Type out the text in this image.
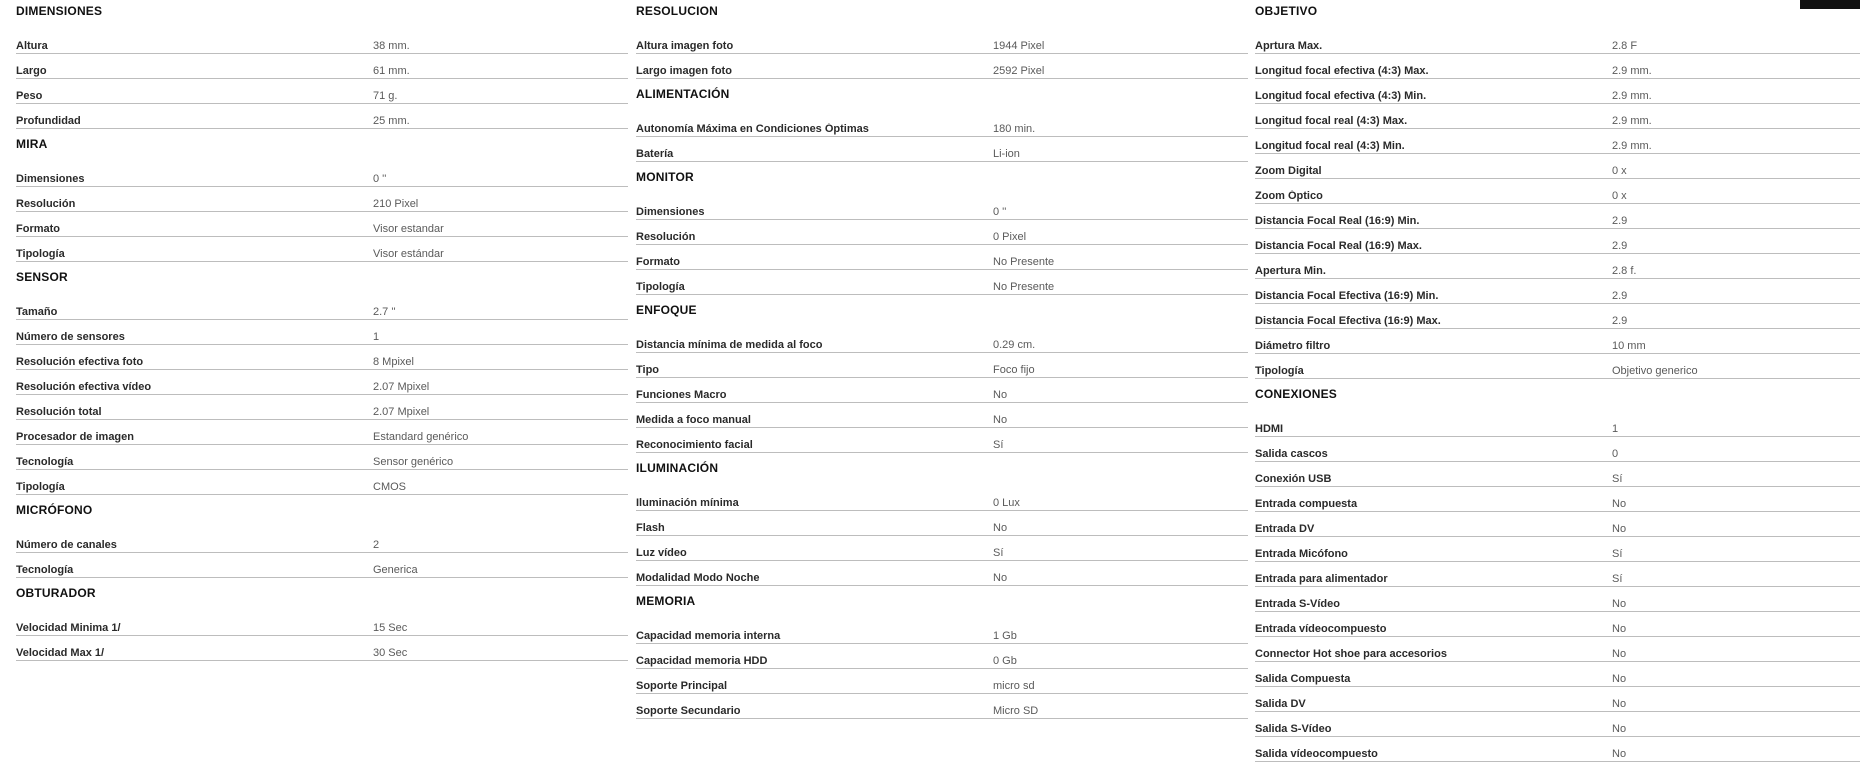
DIMENSIONES
Altura	38 mm.
Largo	61 mm.
Peso	71 g.
Profundidad	25 mm.
MIRA
Dimensiones	0 ''
Resolución	210 Pixel
Formato	Visor estandar
Tipología	Visor estándar
SENSOR
Tamaño	2.7 ''
Número de sensores	1
Resolución efectiva foto	8 Mpixel
Resolución efectiva vídeo	2.07 Mpixel
Resolución total	2.07 Mpixel
Procesador de imagen	Estandard genérico
Tecnología	Sensor genérico
Tipología	CMOS
MICRÓFONO
Número de canales	2
Tecnología	Generica
OBTURADOR
Velocidad Minima 1/	15 Sec
Velocidad Max 1/	30 Sec
RESOLUCION
Altura imagen foto	1944 Pixel
Largo imagen foto	2592 Pixel
ALIMENTACIÓN
Autonomía Máxima en Condiciones Óptimas	180 min.
Batería	Li-ion
MONITOR
Dimensiones	0 ''
Resolución	0 Pixel
Formato	No Presente
Tipología	No Presente
ENFOQUE
Distancia mínima de medida al foco	0.29 cm.
Tipo	Foco fijo
Funciones Macro	No
Medida a foco manual	No
Reconocimiento facial	Sí
ILUMINACIÓN
Iluminación mínima	0 Lux
Flash	No
Luz vídeo	Sí
Modalidad Modo Noche	No
MEMORIA
Capacidad memoria interna	1 Gb
Capacidad memoria HDD	0 Gb
Soporte Principal	micro sd
Soporte Secundario	Micro SD
OBJETIVO
Aprtura Max.	2.8 F
Longitud focal efectiva (4:3) Max.	2.9 mm.
Longitud focal efectiva (4:3) Min.	2.9 mm.
Longitud focal real (4:3) Max.	2.9 mm.
Longitud focal real (4:3) Min.	2.9 mm.
Zoom Digital	0 x
Zoom Óptico	0 x
Distancia Focal Real (16:9) Min.	2.9
Distancia Focal Real (16:9) Max.	2.9
Apertura Min.	2.8 f.
Distancia Focal Efectiva (16:9) Min.	2.9
Distancia Focal Efectiva (16:9) Max.	2.9
Diámetro filtro	10 mm
Tipología	Objetivo generico
CONEXIONES
HDMI	1
Salida cascos	0
Conexión USB	Sí
Entrada compuesta	No
Entrada DV	No
Entrada Micófono	Sí
Entrada para alimentador	Sí
Entrada S-Vídeo	No
Entrada vídeocompuesto	No
Connector Hot shoe para accesorios	No
Salida Compuesta	No
Salida DV	No
Salida S-Vídeo	No
Salida vídeocompuesto	No
